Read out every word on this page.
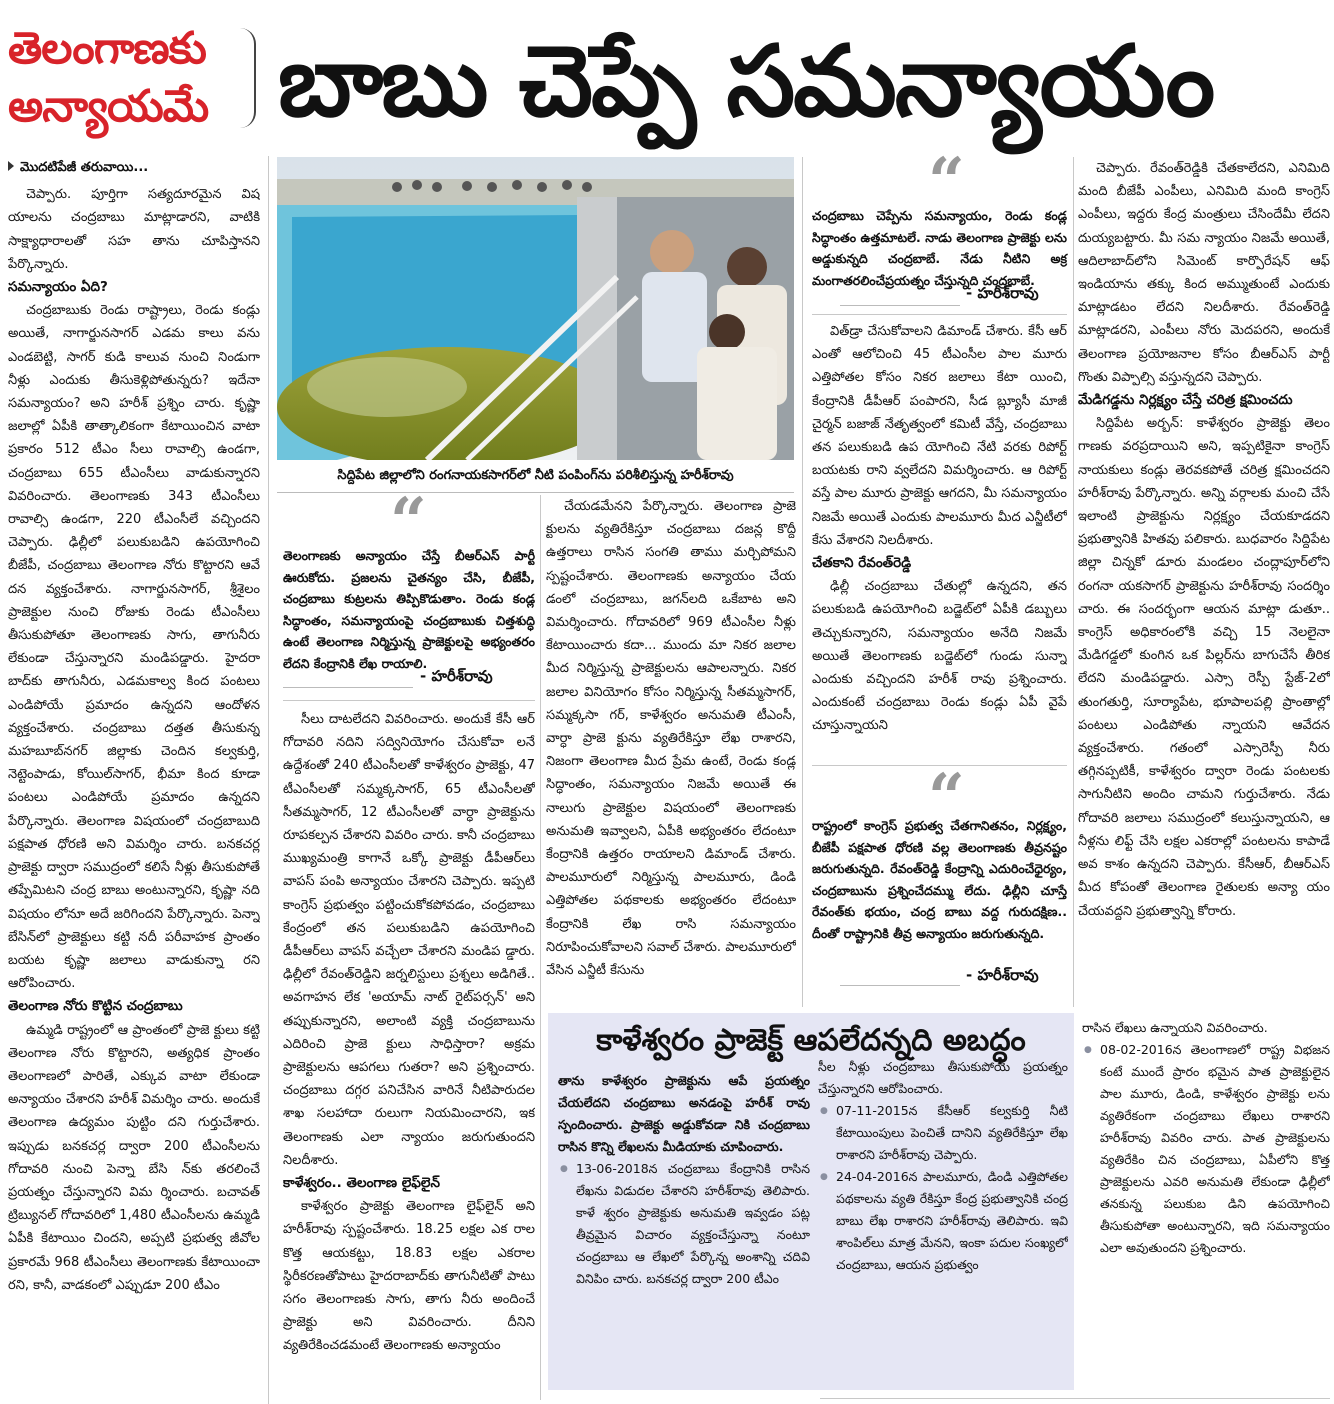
తెలంగాణకు
అన్యాయమే బాబు చెప్పే సమన్యాయం
మొదటిపేజీ తరువాయి...

చెప్పారు. పూర్తిగా సత్యదూరమైన విష యాలను చంద్రబాబు మాట్లాడారని, వాటికి సాక్ష్యాధారాలతో సహ తాను చూపిస్తానని పేర్కొన్నారు.

సమన్యాయం ఏది?

చంద్రబాబుకు రెండు రాష్ట్రాలు, రెండు కండ్లు అయితే, నాగార్జునసాగర్ ఎడమ కాలు వను ఎండబెట్టి, సాగర్ కుడి కాలువ నుంచి నిండుగా నీళ్లు ఎందుకు తీసుకెళ్లిపోతున్నరు? ఇదేనా సమన్యాయం? అని హరీశ్ ప్రశ్నిం చారు. కృష్ణా జలాల్లో ఏపీకి తాత్కాలికంగా కేటాయించిన వాటా ప్రకారం 512 టీఎం సీలు రావాల్సి ఉండగా, చంద్రబాబు 655 టీఎంసీలు వాడుకున్నారని వివరించారు. తెలంగాణకు 343 టీఎంసీలు రావాల్సి ఉండగా, 220 టీఎంసీలే వచ్చిందని చెప్పారు. ఢిల్లీలో పలుకుబడిని ఉపయోగించి బీజేపీ, చంద్రబాబు తెలంగాణ నోరు కొట్టారని ఆవే దన వ్యక్తంచేశారు. నాగార్జునసాగర్, శ్రీశైలం ప్రాజెక్టుల నుంచి రోజుకు రెండు టీఎంసీలు తీసుకుపోతూ తెలంగాణకు సాగు, తాగునీరు లేకుండా చేస్తున్నారని మండిపడ్డారు. హైదరా బాద్‌కు తాగునీరు, ఎడమకాల్వ కింద పంటలు ఎండిపోయే ప్రమాదం ఉన్నదని ఆందోళన వ్యక్తంచేశారు. చంద్రబాబు దత్తత తీసుకున్న మహబూబ్‌నగర్ జిల్లాకు చెందిన కల్వకుర్తి, నెట్టెంపాడు, కోయిల్‌సాగర్, భీమా కింద కూడా పంటలు ఎండిపోయే ప్రమాదం ఉన్నదని పేర్కొన్నారు. తెలంగాణ విషయంలో చంద్రబాబుది పక్షపాత ధోరణి అని విమర్శిం చారు. బనకచర్ల ప్రాజెక్టు ద్వారా సముద్రంలో కలిసే నీళ్లు తీసుకుపోతే తప్పేమిటని చంద్ర బాబు అంటున్నారని, కృష్ణా నది విషయం లోనూ అదే జరిగిందని పేర్కొన్నారు. పెన్నా బేసిన్‌లో ప్రాజెక్టులు కట్టి నదీ పరీవాహక ప్రాంతం బయట కృష్ణా జలాలు వాడుకున్నా రని ఆరోపించారు.

తెలంగాణ నోరు కొట్టిన చంద్రబాబు

ఉమ్మడి రాష్ట్రంలో ఆ ప్రాంతంలో ప్రాజె క్టులు కట్టి తెలంగాణ నోరు కొట్టారని, అత్యధిక ప్రాంతం తెలంగాణలో పారితే, ఎక్కువ వాటా లేకుండా అన్యాయం చేశారని హరీశ్ విమర్శిం చారు. అందుకే తెలంగాణ ఉద్యమం పుట్టిం దని గుర్తుచేశారు. ఇప్పుడు బనకచర్ల ద్వారా 200 టీఎంసీలను గోదావరి నుంచి పెన్నా బేసి న్‌కు తరలించే ప్రయత్నం చేస్తున్నారని విమ ర్శించారు. బచావత్ ట్రిబ్యునల్ గోదావరిలో 1,480 టీఎంసీలను ఉమ్మడి ఏపీకి కేటాయిం చిందని, అప్పటి ప్రభుత్వ జీవోల ప్రకారమే 968 టీఎంసీలు తెలంగాణకు కేటాయించా రని, కానీ, వాడకంలో ఎప్పుడూ 200 టీఎం

సిద్దిపేట జిల్లాలోని రంగనాయకసాగర్‌లో నీటి పంపింగ్‌ను పరిశీలిస్తున్న హరీశ్‌రావు
“
తెలంగాణకు అన్యాయం చేస్తే బీఆర్ఎస్ పార్టీ ఊరుకోదు. ప్రజలను చైతన్యం చేసి, బీజేపీ, చంద్రబాబు కుట్రలను తిప్పికొడుతాం. రెండు కండ్ల సిద్ధాంతం, సమన్యాయంపై చంద్రబాబుకు చిత్తశుద్ధి ఉంటే తెలంగాణ నిర్మిస్తున్న ప్రాజెక్టులపై అభ్యంతరం లేదని కేంద్రానికి లేఖ రాయాలి.
- హరీశ్‌రావు

సీలు దాటలేదని వివరించారు. అందుకే కేసీ ఆర్ గోదావరి నదిని సద్వినియోగం చేసుకోవా లనే ఉద్దేశంతో 240 టీఎంసీలతో కాళేశ్వరం ప్రాజెక్టు, 47 టీఎంసీలతో సమ్మక్కసాగర్, 65 టీఎంసీలతో సీతమ్మసాగర్, 12 టీఎంసీలతో వార్ధా ప్రాజెక్టును రూపకల్పన చేశారని వివరిం చారు. కానీ చంద్రబాబు ముఖ్యమంత్రి కాగానే ఒక్కో ప్రాజెక్టు డీపీఆర్‌లు వాపస్ పంపి అన్యాయం చేశారని చెప్పారు. ఇప్పటి కాంగ్రెస్ ప్రభుత్వం పట్టించుకోకపోవడం, చంద్రబాబు కేంద్రంలో తన పలుకుబడిని ఉపయోగించి డీపీఆర్‌లు వాపస్ వచ్చేలా చేశారని మండిప డ్డారు. ఢిల్లీలో రేవంత్‌రెడ్డిని జర్నలిస్టులు ప్రశ్నలు అడిగితే.. అవగాహన లేక 'అయామ్ నాట్ రైట్‌పర్సన్' అని తప్పుకున్నారని, అలాంటి వ్యక్తి చంద్రబాబును ఎదిరించి ప్రాజె క్టులు సాధిస్తారా? అక్రమ ప్రాజెక్టులను ఆపగలు గుతరా? అని ప్రశ్నించారు. చంద్రబాబు దగ్గర పనిచేసిన వారినే నీటిపారుదల శాఖ సలహాదా రులుగా నియమించారని, ఇక తెలంగాణకు ఎలా న్యాయం జరుగుతుందని నిలదీశారు.

కాళేశ్వరం.. తెలంగాణ లైఫ్‌లైన్

కాళేశ్వరం ప్రాజెక్టు తెలంగాణ లైఫ్‌లైన్ అని హరీశ్‌రావు స్పష్టంచేశారు. 18.25 లక్షల ఎక రాల కొత్త ఆయకట్టు, 18.83 లక్షల ఎకరాల స్థిరీకరణతోపాటు హైదరాబాద్‌కు తాగునీటితో పాటు సగం తెలంగాణకు సాగు, తాగు నీరు అందించే ప్రాజెక్టు అని వివరించారు. దీనిని వ్యతిరేకించడమంటే తెలంగాణకు అన్యాయం

చేయడమేనని పేర్కొన్నారు. తెలంగాణ ప్రాజె క్టులను వ్యతిరేకిస్తూ చంద్రబాబు దజన్ల కొద్దీ ఉత్తరాలు రాసిన సంగతి తాము మర్చిపోమని స్పష్టంచేశారు. తెలంగాణకు అన్యాయం చేయ డంలో చంద్రబాబు, జగన్‌లది ఒకేబాట అని విమర్శించారు. గోదావరిలో 969 టీఎంసీల నీళ్లు కేటాయించారు కదా... ముందు మా నికర జలాల మీద నిర్మిస్తున్న ప్రాజెక్టులను ఆపాలన్నారు. నికర జలాల వినియోగం కోసం నిర్మిస్తున్న సీతమ్మసాగర్, సమ్మక్కసా గర్, కాళేశ్వరం అనుమతి టీఎంసీ, వార్ధా ప్రాజె క్టును వ్యతిరేకిస్తూ లేఖ రాశారని, నిజంగా తెలంగాణ మీద ప్రేమ ఉంటే, రెండు కండ్ల సిద్ధాంతం, సమన్యాయం నిజమే అయితే ఈ నాలుగు ప్రాజెక్టుల విషయంలో తెలంగాణకు అనుమతి ఇవ్వాలని, ఏపీకి అభ్యంతరం లేదంటూ కేంద్రానికి ఉత్తరం రాయాలని డిమాండ్ చేశారు. పాలమూరులో నిర్మిస్తున్న పాలమూరు, డిండి ఎత్తిపోతల పథకాలకు అభ్యంతరం లేదంటూ కేంద్రానికి లేఖ రాసి సమన్యాయం నిరూపించుకోవాలని సవాల్ చేశారు. పాలమూరులో వేసిన ఎన్జీటీ కేసును

“
చంద్రబాబు చెప్పేను సమన్యాయం, రెండు కండ్ల సిద్ధాంతం ఉత్తమాటలే. నాడు తెలంగాణ ప్రాజెక్టు లను అడ్డుకున్నది చంద్రబాబే. నేడు నీటిని అక్ర మంగాతరలించేప్రయత్నం చేస్తున్నది చంద్రబాబే.
- హరీశ్‌రావు

విత్‌డ్రా చేసుకోవాలని డిమాండ్ చేశారు. కేసీ ఆర్ ఎంతో ఆలోచించి 45 టీఎంసీల పాల మూరు ఎత్తిపోతల కోసం నికర జలాలు కేటా యించి, కేంద్రానికి డీపీఆర్ పంపారని, సీడ బ్ల్యూసీ మాజీ చైర్మన్ బజాజ్ నేతృత్వంలో కమిటీ వేస్తే, చంద్రబాబు తన పలుకుబడి ఉప యోగించి నేటి వరకు రిపోర్ట్ బయటకు రాని వ్వలేదని విమర్శించారు. ఆ రిపోర్ట్ వస్తే పాల మూరు ప్రాజెక్టు ఆగదని, మీ సమన్యాయం నిజమే అయితే ఎందుకు పాలమూరు మీద ఎన్జీటీలో కేసు వేశారని నిలదీశారు.

చేతకాని రేవంత్‌రెడ్డి

ఢిల్లీ చంద్రబాబు చేతుల్లో ఉన్నదని, తన పలుకుబడి ఉపయోగించి బడ్జెట్‌లో ఏపీకి డబ్బులు తెచ్చుకున్నారని, సమన్యాయం అనేది నిజమే అయితే తెలంగాణకు బడ్జెట్‌లో గుండు సున్నా ఎందుకు వచ్చిందని హరీశ్ రావు ప్రశ్నించారు. ఎందుకంటే చంద్రబాబు రెండు కండ్లు ఏపీ వైపే చూస్తున్నాయని

“
రాష్ట్రంలో కాంగ్రెస్ ప్రభుత్వ చేతగానితనం, నిర్లక్ష్యం, బీజేపీ పక్షపాత ధోరణి వల్ల తెలంగాణకు తీవ్రనష్టం జరుగుతున్నది. రేవంత్‌రెడ్డి కేంద్రాన్ని ఎదురించేధైర్యం, చంద్రబాబును ప్రశ్నించేదమ్ము లేదు. ఢిల్లీని చూస్తే రేవంత్‌కు భయం, చంద్ర బాబు వద్ద గురుదక్షిణ.. దీంతో రాష్ట్రానికి తీవ్ర అన్యాయం జరుగుతున్నది.
- హరీశ్‌రావు

చెప్పారు. రేవంత్‌రెడ్డికి చేతకాలేదని, ఎనిమిది మంది బీజేపీ ఎంపీలు, ఎనిమిది మంది కాంగ్రెస్ ఎంపీలు, ఇద్దరు కేంద్ర మంత్రులు చేసిందేమీ లేదని దుయ్యబట్టారు. మీ సమ న్యాయం నిజమే అయితే, ఆదిలాబాద్‌లోని సిమెంట్ కార్పొరేషన్ ఆఫ్ ఇండియాను తక్కు కింద అమ్ముతుంటే ఎందుకు మాట్లాడటం లేదని నిలదీశారు. రేవంత్‌రెడ్డి మాట్లాడరని, ఎంపీలు నోరు మెదపరని, అందుకే తెలంగాణ ప్రయోజనాల కోసం బీఆర్ఎస్ పార్టీ గొంతు విప్పాల్సి వస్తున్నదని చెప్పారు.

మేడిగడ్డను నిర్లక్ష్యం చేస్తే చరిత్ర క్షమించదు

సిద్దిపేట అర్బన్: కాళేశ్వరం ప్రాజెక్టు తెలం గాణకు వరప్రదాయిని అని, ఇప్పటికైనా కాంగ్రెస్ నాయకులు కండ్లు తెరవకపోతే చరిత్ర క్షమించదని హరీశ్‌రావు పేర్కొన్నారు. అన్ని వర్గాలకు మంచి చేసే ఇలాంటి ప్రాజెక్టును నిర్లక్ష్యం చేయకూడదని ప్రభుత్వానికి హితవు పలికారు. బుధవారం సిద్దిపేట జిల్లా చిన్నకో డూరు మండలం చంద్లాపూర్‌లోని రంగనా యకసాగర్ ప్రాజెక్టును హరీశ్‌రావు సందర్శిం చారు. ఈ సందర్భంగా ఆయన మాట్లా డుతూ.. కాంగ్రెస్ అధికారంలోకి వచ్చి 15 నెలలైనా మేడిగడ్డలో కుంగిన ఒక పిల్లర్‌ను బాగుచేసే తీరిక లేదని మండిపడ్డారు. ఎస్సా రెస్పీ స్టేజ్-2లో తుంగతుర్తి, సూర్యాపేట, భూపాలపల్లి ప్రాంతాల్లో పంటలు ఎండిపోతు న్నాయని ఆవేదన వ్యక్తంచేశారు. గతంలో ఎస్సారెస్పీ నీరు తగ్గినప్పటికీ, కాళేశ్వరం ద్వారా రెండు పంటలకు సాగునీటిని అందిం చామని గుర్తుచేశారు. నేడు గోదావరి జలాలు సముద్రంలో కలుస్తున్నాయని, ఆ నీళ్లను లిఫ్ట్ చేసి లక్షల ఎకరాల్లో పంటలను కాపాడే అవ కాశం ఉన్నదని చెప్పారు. కేసీఆర్, బీఆర్ఎస్ మీద కోపంతో తెలంగాణ రైతులకు అన్యా యం చేయవద్దని ప్రభుత్వాన్ని కోరారు.

కాళేశ్వరం ప్రాజెక్ట్ ఆపలేదన్నది అబద్ధం

తాను కాళేశ్వరం ప్రాజెక్టును ఆపే ప్రయత్నం చేయలేదని చంద్రబాబు అనడంపై హరీశ్ రావు స్పందించారు. ప్రాజెక్టు అడ్డుకోవడా నికి చంద్రబాబు రాసిన కొన్ని లేఖలను మీడియాకు చూపించారు.

● 13-06-2018న చంద్రబాబు కేంద్రానికి రాసిన లేఖను విడుదల చేశారని హరీశ్‌రావు తెలిపారు. కాళే శ్వరం ప్రాజెక్టుకు అనుమతి ఇవ్వడం పట్ల తీవ్రమైన విచారం వ్యక్తంచేస్తున్నా నంటూ చంద్రబాబు ఆ లేఖలో పేర్కొన్న అంశాన్ని చదివి వినిపిం చారు. బనకచర్ల ద్వారా 200 టీఎం

సీల నీళ్లు చంద్రబాబు తీసుకుపోయే ప్రయత్నం చేస్తున్నారని ఆరోపించారు.

● 07-11-2015న కేసీఆర్ కల్వకుర్తి నీటి కేటాయింపులు పెంచితే దానిని వ్యతిరేకిస్తూ లేఖ రాశారని హరీశ్‌రావు చెప్పారు.

● 24-04-2016న పాలమూరు, డిండి ఎత్తిపోతల పథకాలను వ్యతి రేకిస్తూ కేంద్ర ప్రభుత్వానికి చంద్ర బాబు లేఖ రాశారని హరీశ్‌రావు తెలిపారు. ఇవి శాంపిల్‌లు మాత్ర మేనని, ఇంకా పదుల సంఖ్యలో చంద్రబాబు, ఆయన ప్రభుత్వం

రాసిన లేఖలు ఉన్నాయని వివరించారు.

● 08-02-2016న తెలంగాణలో రాష్ట్ర విభజన కంటే ముందే ప్రారం భమైన పాత ప్రాజెక్టులైన పాల మూరు, డిండి, కాళేశ్వరం ప్రాజెక్టు లను వ్యతిరేకంగా చంద్రబాబు లేఖలు రాశారని హరీశ్‌రావు వివరిం చారు. పాత ప్రాజెక్టులను వ్యతిరేకిం చిన చంద్రబాబు, ఏపీలోని కొత్త ప్రాజెక్టులను ఎవరి అనుమతి లేకుండా ఢిల్లీలో తనకున్న పలుకుబ డిని ఉపయోగించి తీసుకుపోతా అంటున్నారని, ఇది సమన్యాయం ఎలా అవుతుందని ప్రశ్నించారు.
